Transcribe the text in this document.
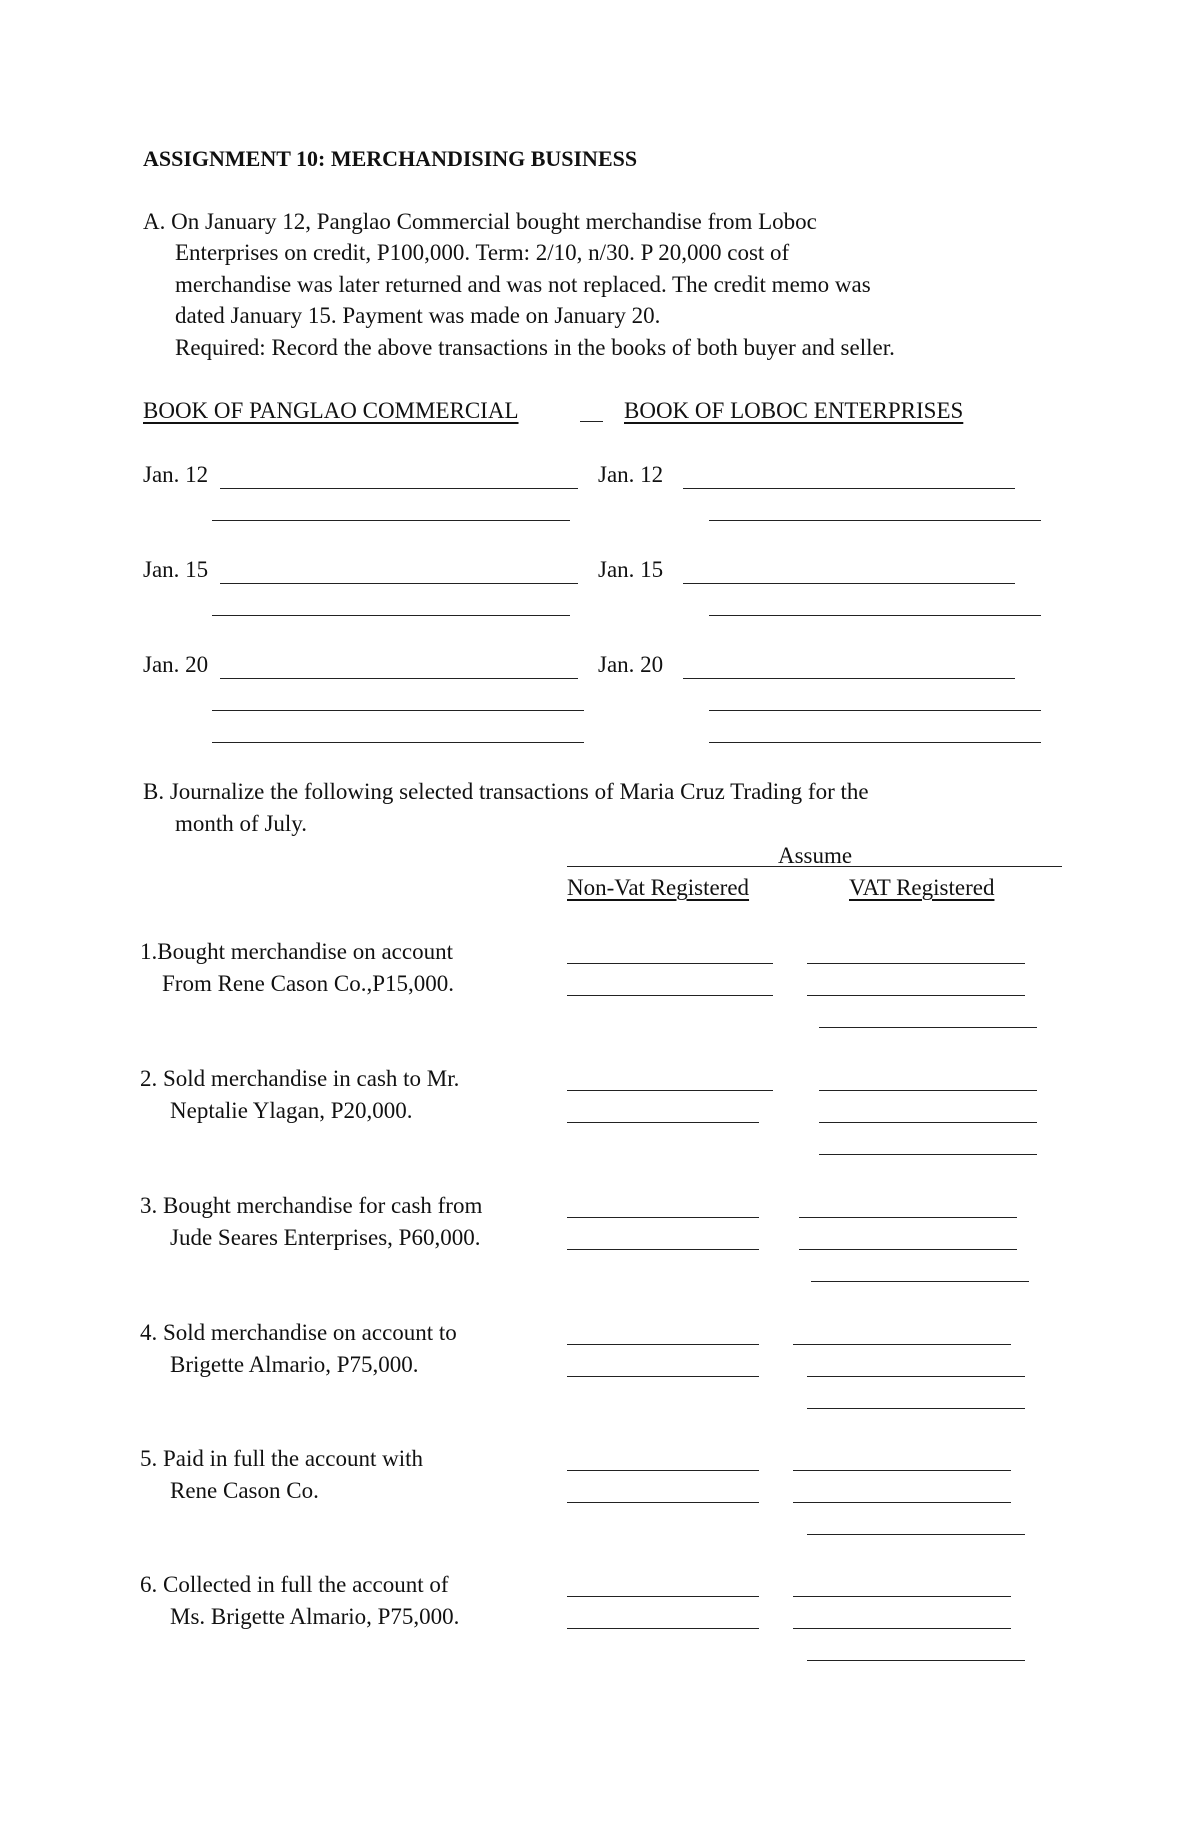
ASSIGNMENT 10: MERCHANDISING BUSINESS
A. On January 12, Panglao Commercial bought merchandise from Loboc
Enterprises on credit, P100,000. Term: 2/10, n/30. P 20,000 cost of
merchandise was later returned and was not replaced. The credit memo was
dated January 15. Payment was made on January 20.
Required: Record the above transactions in the books of both buyer and seller.
BOOK OF PANGLAO COMMERCIAL	BOOK OF LOBOC ENTERPRISES
Jan. 12	Jan. 12
Jan. 15	Jan. 15
Jan. 20	Jan. 20
B. Journalize the following selected transactions of Maria Cruz Trading for the
month of July.
Assume
Non-Vat Registered	VAT Registered
1.Bought merchandise on account
From Rene Cason Co.,P15,000.
2. Sold merchandise in cash to Mr.
Neptalie Ylagan, P20,000.
3. Bought merchandise for cash from
Jude Seares Enterprises, P60,000.
4. Sold merchandise on account to
Brigette Almario, P75,000.
5. Paid in full the account with
Rene Cason Co.
6. Collected in full the account of
Ms. Brigette Almario, P75,000.
